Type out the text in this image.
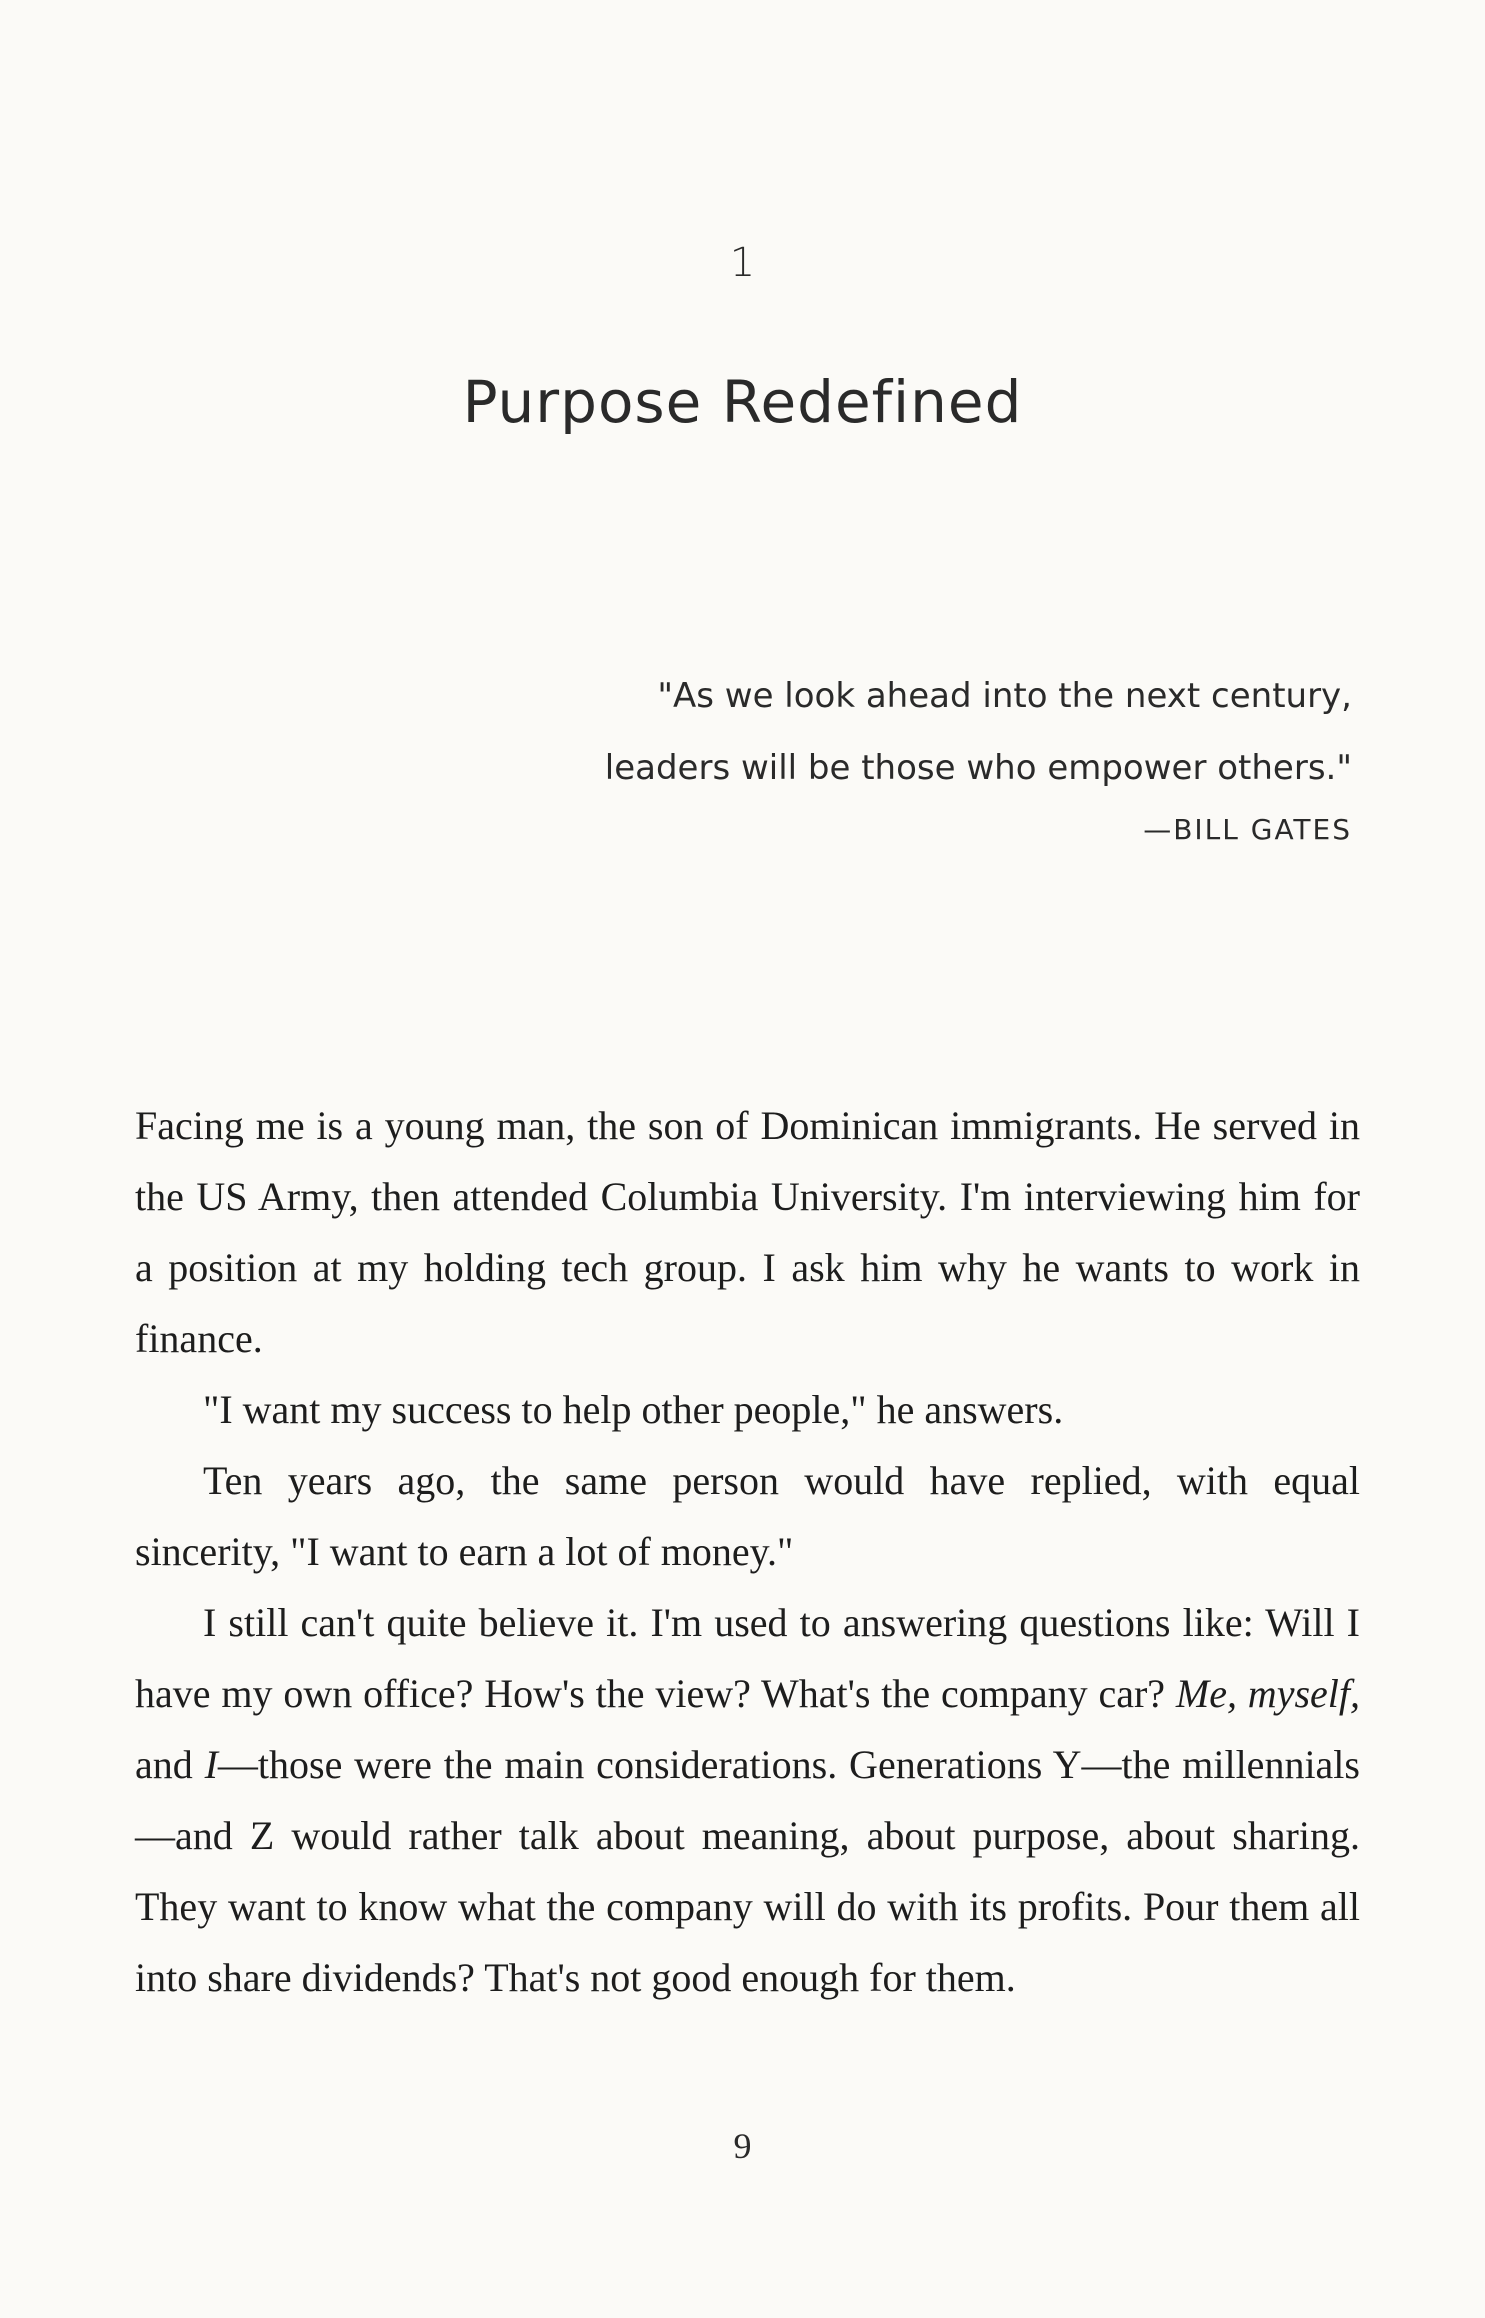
1
Purpose Redefined
"As we look ahead into the next century,
leaders will be those who empower others."
—BILL GATES

Facing me is a young man, the son of Dominican immigrants. He served in the US Army, then attended Columbia University. I'm interviewing him for a position at my holding tech group. I ask him why he wants to work in finance.

"I want my success to help other people," he answers.

Ten years ago, the same person would have replied, with equal sincerity, "I want to earn a lot of money."

I still can't quite believe it. I'm used to answering questions like: Will I have my own office? How's the view? What's the company car? Me, myself, and I—those were the main considerations. Generations Y—the millennials—and Z would rather talk about meaning, about purpose, about sharing. They want to know what the company will do with its profits. Pour them all into share dividends? That's not good enough for them.

9
